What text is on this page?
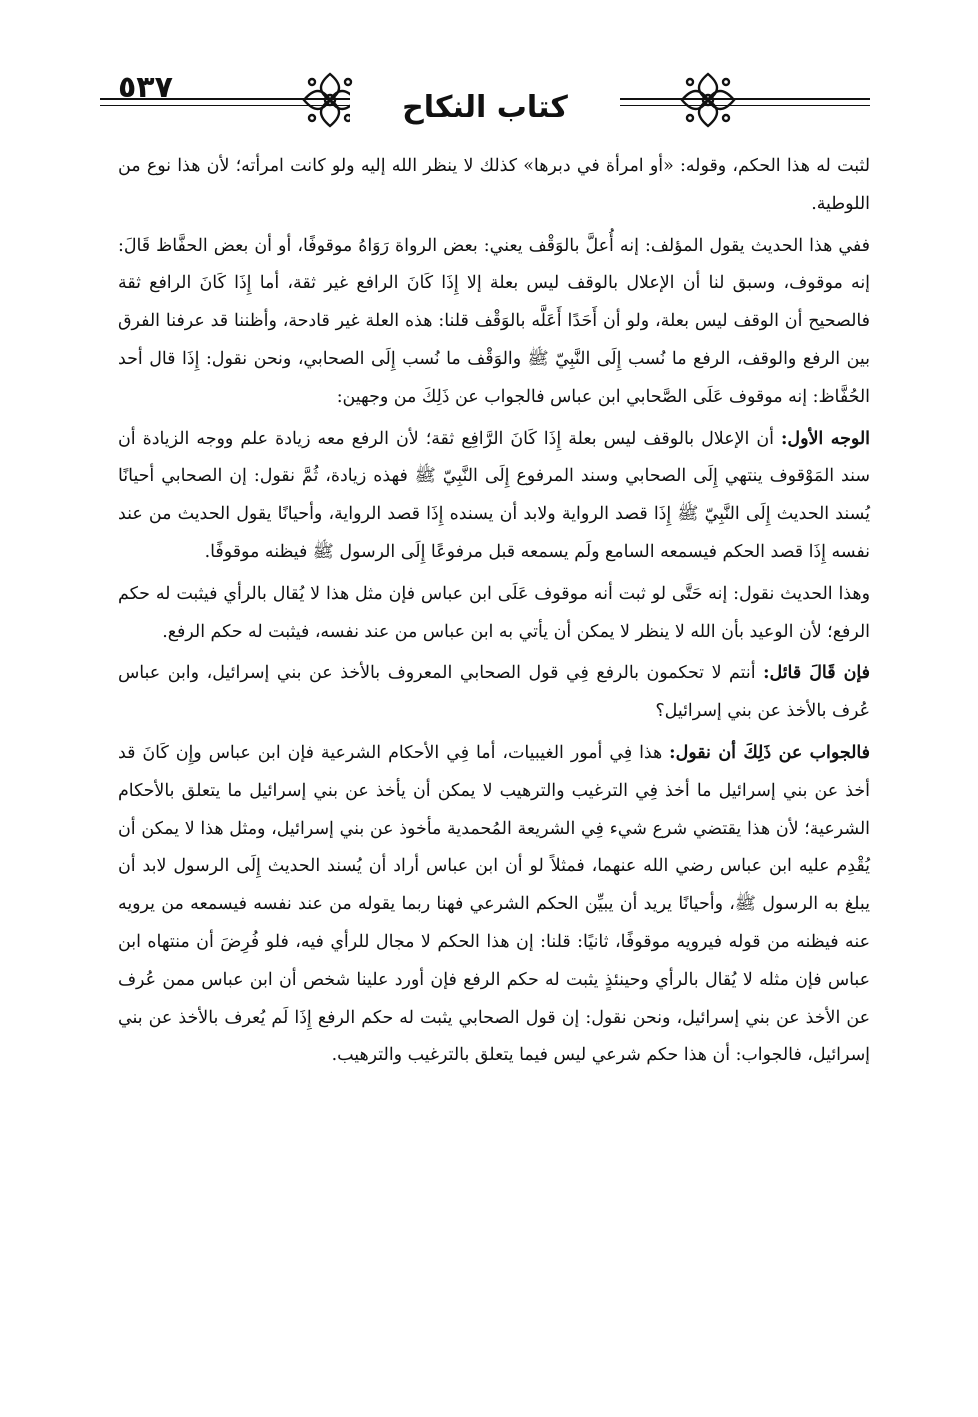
٥٣٧
كتاب النكاح

لثبت له هذا الحكم، وقوله: «أو امرأة في دبرها» كذلك لا ينظر الله إليه ولو كانت امرأته؛ لأن هذا نوع من اللوطية.

ففي هذا الحديث يقول المؤلف: إنه أُعلَّ بالوَقْف يعني: بعض الرواة رَوَاهُ موقوفًا، أو أن بعض الحفَّاظ قَالَ: إنه موقوف، وسبق لنا أن الإعلال بالوقف ليس بعلة إلا إِذَا كَانَ الرافع غير ثقة، أما إِذَا كَانَ الرافع ثقة فالصحيح أن الوقف ليس بعلة، ولو أن أَحَدًا أَعَلَّه بالوَقْف قلنا: هذه العلة غير قادحة، وأظننا قد عرفنا الفرق بين الرفع والوقف، الرفع ما نُسب إِلَى النَّبِيّ ﷺ والوَقْف ما نُسب إِلَى الصحابي، ونحن نقول: إِذَا قال أحد الحُفَّاظ: إنه موقوف عَلَى الصَّحابي ابن عباس فالجواب عن ذَلِكَ من وجهين:

الوجه الأول: أن الإعلال بالوقف ليس بعلة إِذَا كَانَ الرَّافِع ثقة؛ لأن الرفع معه زيادة علم ووجه الزيادة أن سند المَوْقوف ينتهي إِلَى الصحابي وسند المرفوع إِلَى النَّبِيّ ﷺ فهذه زيادة، ثُمَّ نقول: إن الصحابي أحيانًا يُسند الحديث إِلَى النَّبِيّ ﷺ إِذَا قصد الرواية ولابد أن يسنده إِذَا قصد الرواية، وأحيانًا يقول الحديث من عند نفسه إِذَا قصد الحكم فيسمعه السامع ولَم يسمعه قبل مرفوعًا إِلَى الرسول ﷺ فيظنه موقوفًا.

وهذا الحديث نقول: إنه حَتَّى لو ثبت أنه موقوف عَلَى ابن عباس فإن مثل هذا لا يُقال بالرأي فيثبت له حكم الرفع؛ لأن الوعيد بأن الله لا ينظر لا يمكن أن يأتي به ابن عباس من عند نفسه، فيثبت له حكم الرفع.

فإن قَالَ قائل: أنتم لا تحكمون بالرفع فِي قول الصحابي المعروف بالأخذ عن بني إسرائيل، وابن عباس عُرف بالأخذ عن بني إسرائيل؟

فالجواب عن ذَلِكَ أن نقول: هذا فِي أمور الغيبيات، أما فِي الأحكام الشرعية فإن ابن عباس وإِن كَانَ قد أخذ عن بني إسرائيل ما أخذ فِي الترغيب والترهيب لا يمكن أن يأخذ عن بني إسرائيل ما يتعلق بالأحكام الشرعية؛ لأن هذا يقتضي شرع شيء فِي الشريعة المُحمدية مأخوذ عن بني إسرائيل، ومثل هذا لا يمكن أن يُقْدِم عليه ابن عباس رضي الله عنهما، فمثلاً لو أن ابن عباس أراد أن يُسند الحديث إِلَى الرسول لابد أن يبلغ به الرسول ﷺ، وأحيانًا يريد أن يبيِّن الحكم الشرعي فهنا ربما يقوله من عند نفسه فيسمعه من يرويه عنه فيظنه من قوله فيرويه موقوفًا، ثانيًا: قلنا: إن هذا الحكم لا مجال للرأي فيه، فلو فُرِضَ أن منتهاه ابن عباس فإن مثله لا يُقال بالرأي وحينئذٍ يثبت له حكم الرفع فإن أورد علينا شخص أن ابن عباس ممن عُرف عن الأخذ عن بني إسرائيل، ونحن نقول: إن قول الصحابي يثبت له حكم الرفع إِذَا لَم يُعرف بالأخذ عن بني إسرائيل، فالجواب: أن هذا حكم شرعي ليس فيما يتعلق بالترغيب والترهيب.
